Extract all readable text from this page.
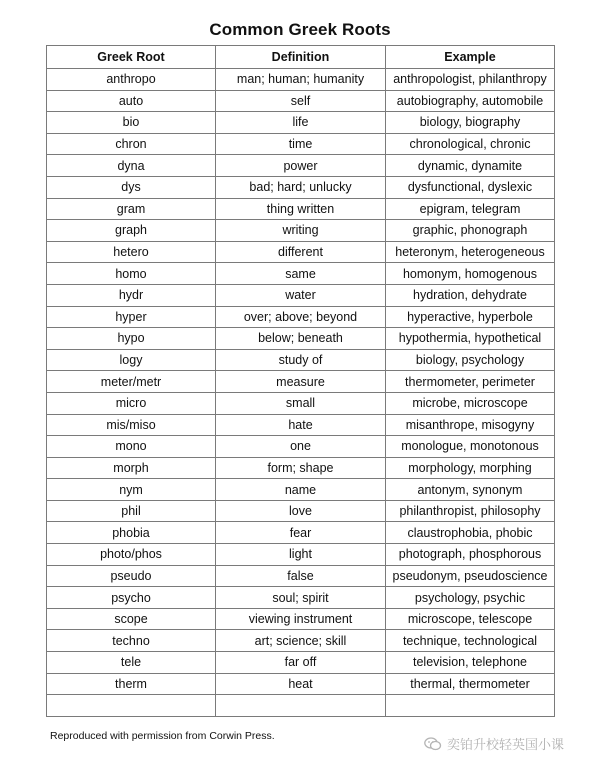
Common Greek Roots
Greek Root	Definition	Example
anthropo	man; human; humanity	anthropologist, philanthropy
auto	self	autobiography, automobile
bio	life	biology, biography
chron	time	chronological, chronic
dyna	power	dynamic, dynamite
dys	bad; hard; unlucky	dysfunctional, dyslexic
gram	thing written	epigram, telegram
graph	writing	graphic, phonograph
hetero	different	heteronym, heterogeneous
homo	same	homonym, homogenous
hydr	water	hydration, dehydrate
hyper	over; above; beyond	hyperactive, hyperbole
hypo	below; beneath	hypothermia, hypothetical
logy	study of	biology, psychology
meter/metr	measure	thermometer, perimeter
micro	small	microbe, microscope
mis/miso	hate	misanthrope, misogyny
mono	one	monologue, monotonous
morph	form; shape	morphology, morphing
nym	name	antonym, synonym
phil	love	philanthropist, philosophy
phobia	fear	claustrophobia, phobic
photo/phos	light	photograph, phosphorous
pseudo	false	pseudonym, pseudoscience
psycho	soul; spirit	psychology, psychic
scope	viewing instrument	microscope, telescope
techno	art; science; skill	technique, technological
tele	far off	television, telephone
therm	heat	thermal, thermometer

Reproduced with permission from Corwin Press.
奕铂升校轻英国小课
